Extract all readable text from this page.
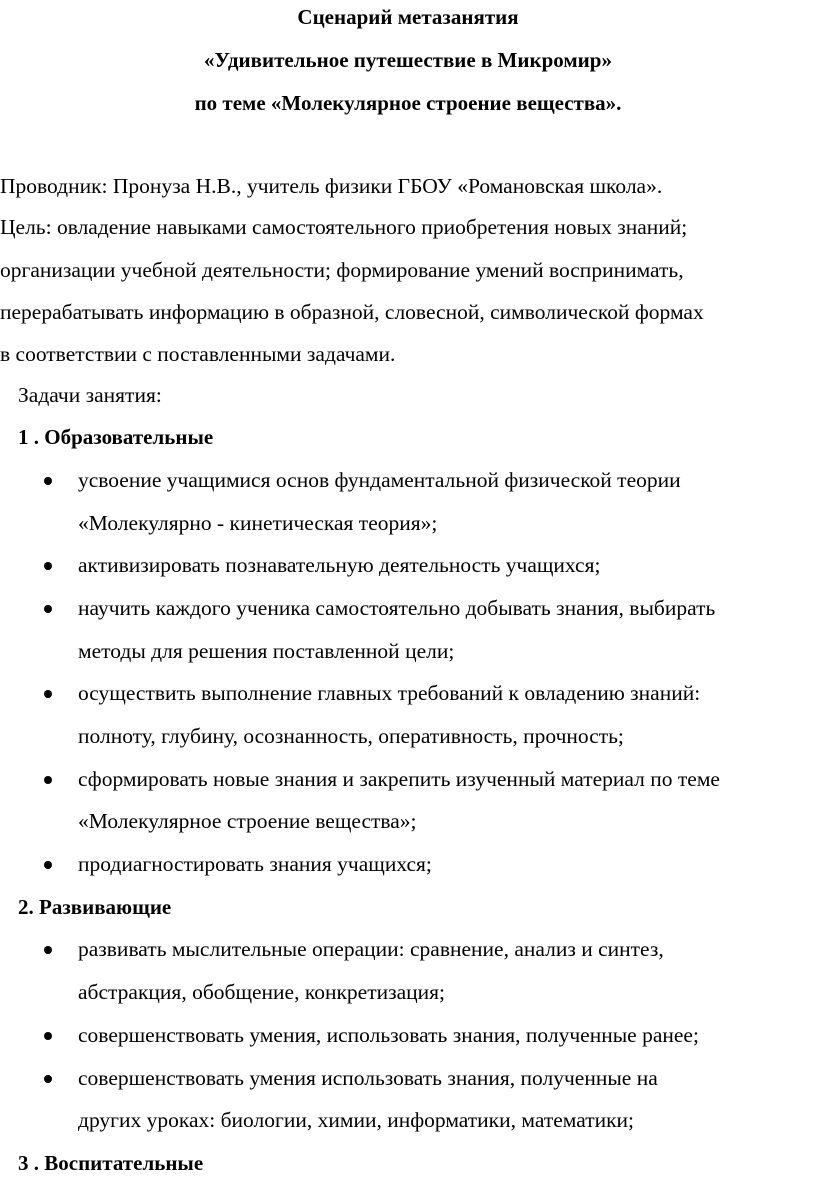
Сценарий метазанятия
«Удивительное путешествие в Микромир»
по теме «Молекулярное строение вещества».
Проводник: Пронуза Н.В., учитель физики ГБОУ «Романовская школа».
Цель: овладение навыками самостоятельного приобретения новых знаний;
организации учебной деятельности; формирование умений воспринимать,
перерабатывать информацию в образной, словесной, символической формах
в соответствии с поставленными задачами.
Задачи занятия:
1 . Образовательные
усвоение учащимися основ фундаментальной физической теории
«Молекулярно - кинетическая теория»;
активизировать познавательную деятельность учащихся;
научить каждого ученика самостоятельно добывать знания, выбирать
методы для решения поставленной цели;
осуществить выполнение главных требований к овладению знаний:
полноту, глубину, осознанность, оперативность, прочность;
сформировать новые знания и закрепить изученный материал по теме
«Молекулярное строение вещества»;
продиагностировать знания учащихся;
2. Развивающие
развивать мыслительные операции: сравнение, анализ и синтез,
абстракция, обобщение, конкретизация;
совершенствовать умения, использовать знания, полученные ранее;
совершенствовать умения использовать знания, полученные на
других уроках: биологии, химии, информатики, математики;
3 . Воспитательные
